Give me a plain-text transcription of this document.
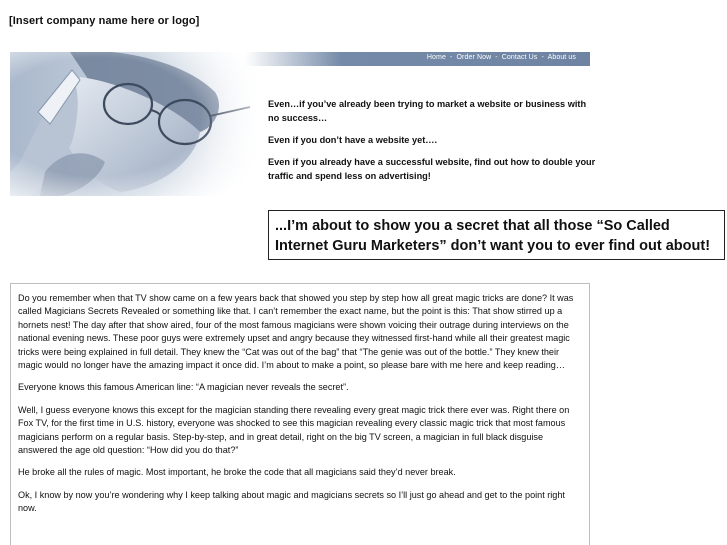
[Insert company name here or logo]
Home - Order Now - Contact Us - About us

Even…if you’ve already been trying to market a website or business with no success…

Even if you don’t have a website yet….

Even if you already have a successful website, find out how to double your traffic and spend less on advertising!

...I’m about to show you a secret that all those “So Called Internet Guru Marketers” don’t want you to ever find out about!

Do you remember when that TV show came on a few years back that showed you step by step how all great magic tricks are done? It was called Magicians Secrets Revealed or something like that. I can’t remember the exact name, but the point is this: That show stirred up a hornets nest! The day after that show aired, four of the most famous magicians were shown voicing their outrage during interviews on the national evening news. These poor guys were extremely upset and angry because they witnessed first-hand while all their greatest magic tricks were being explained in full detail. They knew the “Cat was out of the bag” that “The genie was out of the bottle.” They knew their magic would no longer have the amazing impact it once did. I’m about to make a point, so please bare with me here and keep reading…

Everyone knows this famous American line: “A magician never reveals the secret”.

Well, I guess everyone knows this except for the magician standing there revealing every great magic trick there ever was. Right there on Fox TV, for the first time in U.S. history, everyone was shocked to see this magician revealing every classic magic trick that most famous magicians perform on a regular basis. Step-by-step, and in great detail, right on the big TV screen, a magician in full black disguise answered the age old question: “How did you do that?”

He broke all the rules of magic. Most important, he broke the code that all magicians said they’d never break.

Ok, I know by now you’re wondering why I keep talking about magic and magicians secrets so I’ll just go ahead and get to the point right now.
